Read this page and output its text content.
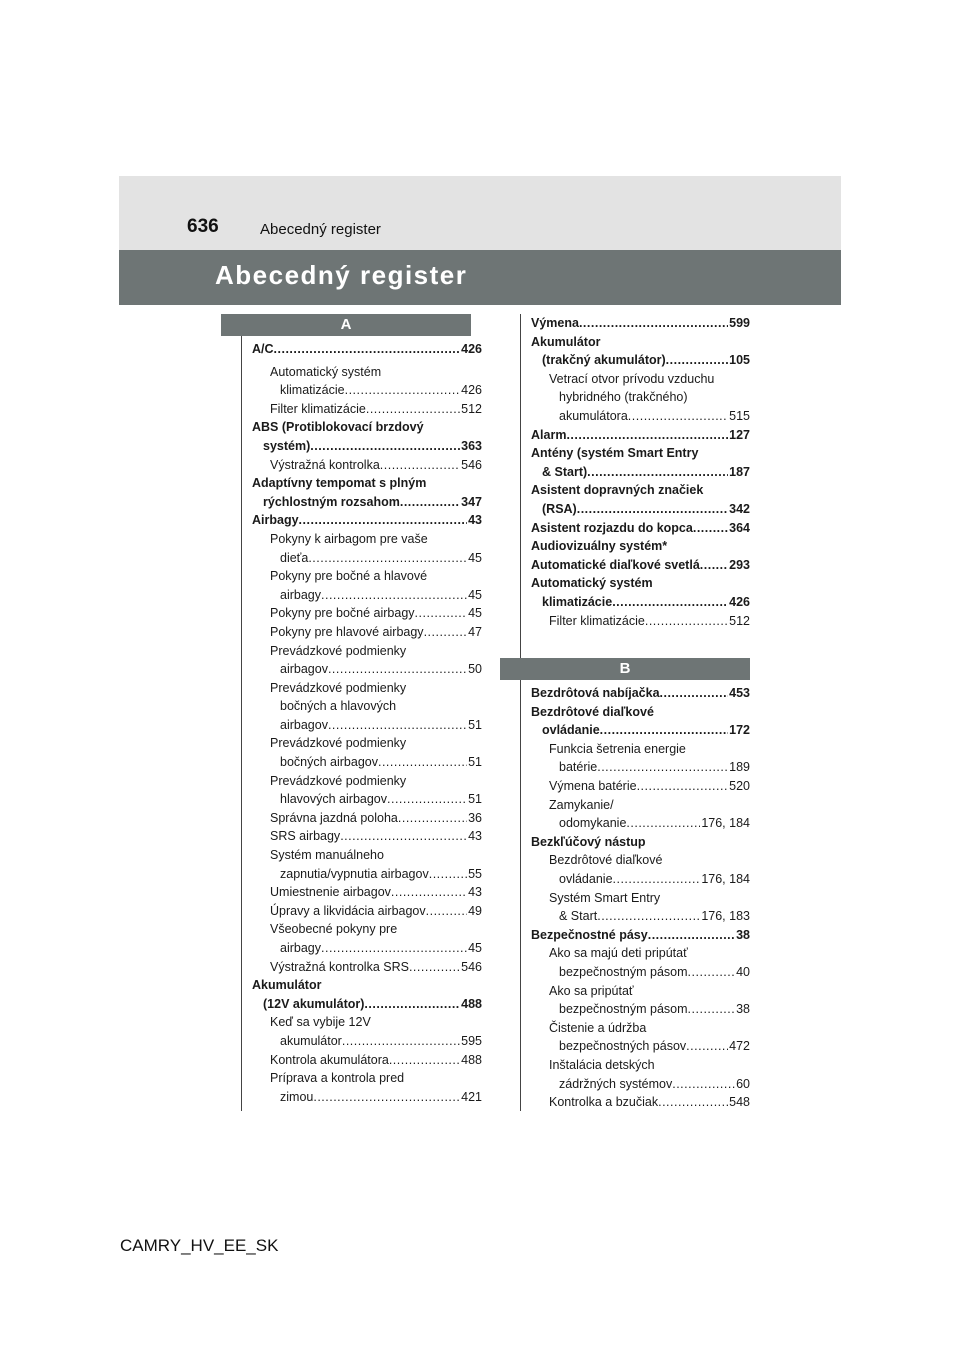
636	Abecedný register
Abecedný register
A
A/C .....	426
Automatický systém
klimatizácie .....	426
Filter klimatizácie .....	512
ABS (Protiblokovací brzdový
systém) .....	363
Výstražná kontrolka .....	546
Adaptívny tempomat s plným
rýchlostným rozsahom .....	347
Airbagy .....	43
Pokyny k airbagom pre vaše
dieťa .....	45
Pokyny pre bočné a hlavové
airbagy .....	45
Pokyny pre bočné airbagy .....	45
Pokyny pre hlavové airbagy .....	47
Prevádzkové podmienky
airbagov .....	50
Prevádzkové podmienky
bočných a hlavových
airbagov .....	51
Prevádzkové podmienky
bočných airbagov .....	51
Prevádzkové podmienky
hlavových airbagov .....	51
Správna jazdná poloha .....	36
SRS airbagy .....	43
Systém manuálneho
zapnutia/vypnutia airbagov .....	55
Umiestnenie airbagov .....	43
Úpravy a likvidácia airbagov .....	49
Všeobecné pokyny pre
airbagy .....	45
Výstražná kontrolka SRS .....	546
Akumulátor
(12V akumulátor) .....	488
Keď sa vybije 12V
akumulátor .....	595
Kontrola akumulátora .....	488
Príprava a kontrola pred
zimou .....	421
Výmena .....	599
Akumulátor
(trakčný akumulátor) .....	105
Vetrací otvor prívodu vzduchu
hybridného (trakčného)
akumulátora .....	515
Alarm .....	127
Antény (systém Smart Entry
& Start) .....	187
Asistent dopravných značiek
(RSA) .....	342
Asistent rozjazdu do kopca .....	364
Audiovizuálny systém*
Automatické diaľkové svetlá ..... 293
Automatický systém
klimatizácie .....	426
Filter klimatizácie .....	512
B
Bezdrôtová nabíjačka .....	453
Bezdrôtové diaľkové
ovládanie .....	172
Funkcia šetrenia energie
batérie .....	189
Výmena batérie .....	520
Zamykanie/
odomykanie .....	176, 184
Bezkľúčový nástup
Bezdrôtové diaľkové
ovládanie .....	176, 184
Systém Smart Entry
& Start .....	176, 183
Bezpečnostné pásy .....	38
Ako sa majú deti pripútať
bezpečnostným pásom .....	40
Ako sa pripútať
bezpečnostným pásom .....	38
Čistenie a údržba
bezpečnostných pásov .....	472
Inštalácia detských
zádržných systémov .....	60
Kontrolka a bzučiak .....	548
CAMRY_HV_EE_SK
